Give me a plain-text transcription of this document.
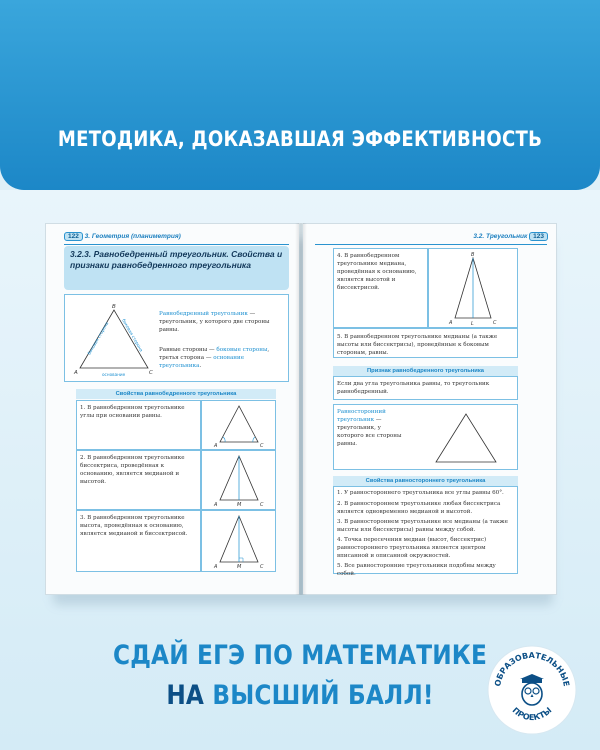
МЕТОДИКА, ДОКАЗАВШАЯ ЭФФЕКТИВНОСТЬ
122 3. Геометрия (планиметрия)
3.2.3. Равнобедренный треугольник. Свойства и признаки равнобедренного треугольника
B
A	C
боковая сторона	боковая сторона
основание
Равнобедренный треугольник — треугольник, у которого две стороны равны.
Равные стороны — боковые стороны, третья сторона — основание треугольника.
Свойства равнобедренного треугольника
1. В равнобедренном треугольнике углы при основании равны.
A	C
2. В равнобедренном треугольнике биссектриса, проведённая к основанию, является медианой и высотой.
A	M	C
3. В равнобедренном треугольнике высота, проведённая к основанию, является медианой и биссектрисой.
A	M	C
3.2. Треугольник 123
4. В равнобедренном треугольнике медиана, проведённая к основанию, является высотой и биссектрисой.
B
A	L	C
5. В равнобедренном треугольнике медианы (а также высоты или биссектрисы), проведённые к боковым сторонам, равны.
Признак равнобедренного треугольника
Если два угла треугольника равны, то треугольник равнобедренный.
Равносторонний треугольник — треугольник, у которого все стороны равны.
Свойства равностороннего треугольника
1. У равностороннего треугольника все углы равны 60°.
2. В равностороннем треугольнике любая биссектриса является одновременно медианой и высотой.
3. В равностороннем треугольнике все медианы (а также высоты или биссектрисы) равны между собой.
4. Точка пересечения медиан (высот, биссектрис) равностороннего треугольника является центром вписанной и описанной окружностей.
5. Все равносторонние треугольники подобны между собой.
СДАЙ ЕГЭ ПО МАТЕМАТИКЕ
НА ВЫСШИЙ БАЛЛ!	ОБРАЗОВАТЕЛЬНЫЕ
ПРОЕКТЫ
